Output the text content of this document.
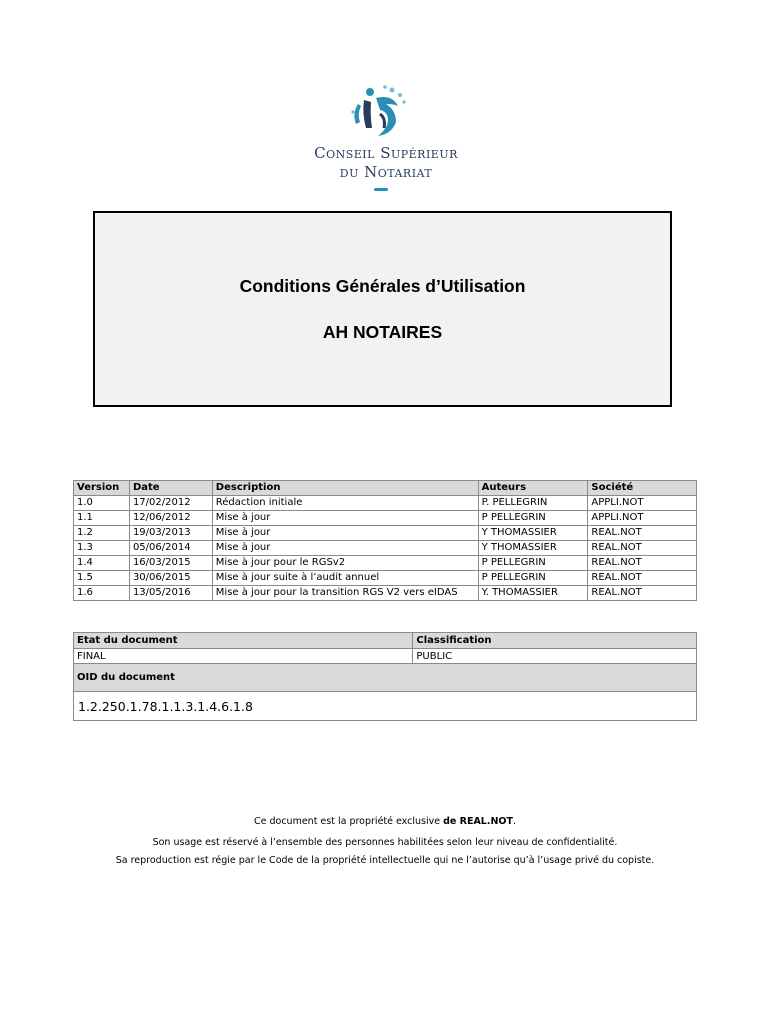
Conseil Supérieur
du Notariat
Conditions Générales d’Utilisation
AH NOTAIRES
Version	Date	Description	Auteurs	Société
1.0	17/02/2012	Rédaction initiale	P. PELLEGRIN	APPLI.NOT
1.1	12/06/2012	Mise à jour	P PELLEGRIN	APPLI.NOT
1.2	19/03/2013	Mise à jour	Y THOMASSIER	REAL.NOT
1.3	05/06/2014	Mise à jour	Y THOMASSIER	REAL.NOT
1.4	16/03/2015	Mise à jour pour le RGSv2	P PELLEGRIN	REAL.NOT
1.5	30/06/2015	Mise à jour suite à l’audit annuel	P PELLEGRIN	REAL.NOT
1.6	13/05/2016	Mise à jour pour la transition RGS V2 vers eIDAS	Y. THOMASSIER	REAL.NOT
Etat du document	Classification
FINAL	PUBLIC
OID du document	
1.2.250.1.78.1.1.3.1.4.6.1.8	
Ce document est la propriété exclusive de REAL.NOT.
Son usage est réservé à l’ensemble des personnes habilitées selon leur niveau de confidentialité.
Sa reproduction est régie par le Code de la propriété intellectuelle qui ne l’autorise qu’à l’usage privé du copiste.
